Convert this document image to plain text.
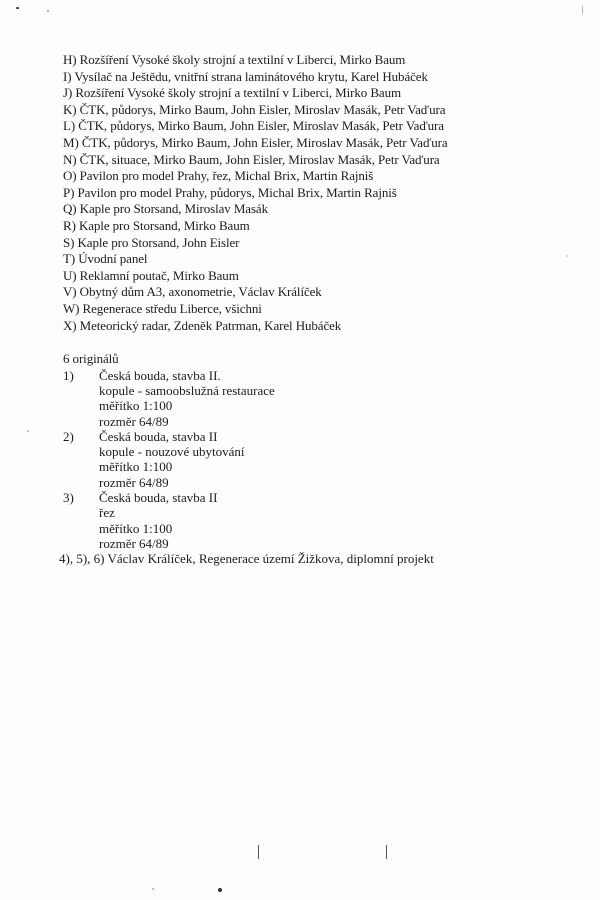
H) Rozšíření Vysoké školy strojní a textilní v Liberci, Mirko Baum
I) Vysílač na Ještědu, vnitřní strana laminátového krytu, Karel Hubáček
J) Rozšíření Vysoké školy strojní a textilní v Liberci, Mirko Baum
K) ČTK, půdorys, Mirko Baum, John Eisler, Miroslav Masák, Petr Vaďura
L) ČTK, půdorys, Mirko Baum, John Eisler, Miroslav Masák, Petr Vaďura
M) ČTK, půdorys, Mirko Baum, John Eisler, Miroslav Masák, Petr Vaďura
N) ČTK, situace, Mirko Baum, John Eisler, Miroslav Masák, Petr Vaďura
O) Pavilon pro model Prahy, řez, Michal Brix, Martin Rajniš
P) Pavilon pro model Prahy, půdorys, Michal Brix, Martin Rajniš
Q) Kaple pro Storsand, Miroslav Masák
R) Kaple pro Storsand, Mirko Baum
S) Kaple pro Storsand, John Eisler
T) Úvodní panel
U) Reklamní poutač, Mirko Baum
V) Obytný dům A3, axonometrie, Václav Králíček
W) Regenerace středu Liberce, všichni
X) Meteorický radar, Zdeněk Patrman, Karel Hubáček
6 originálů
1)	Česká bouda, stavba II.
kopule - samoobslužná restaurace
měřítko 1:100
rozměr 64/89
2)	Česká bouda, stavba II
kopule - nouzové ubytování
měřítko 1:100
rozměr 64/89
3)	Česká bouda, stavba II
řez
měřítko 1:100
rozměr 64/89
4), 5), 6) Václav Králíček, Regenerace území Žižkova, diplomní projekt
